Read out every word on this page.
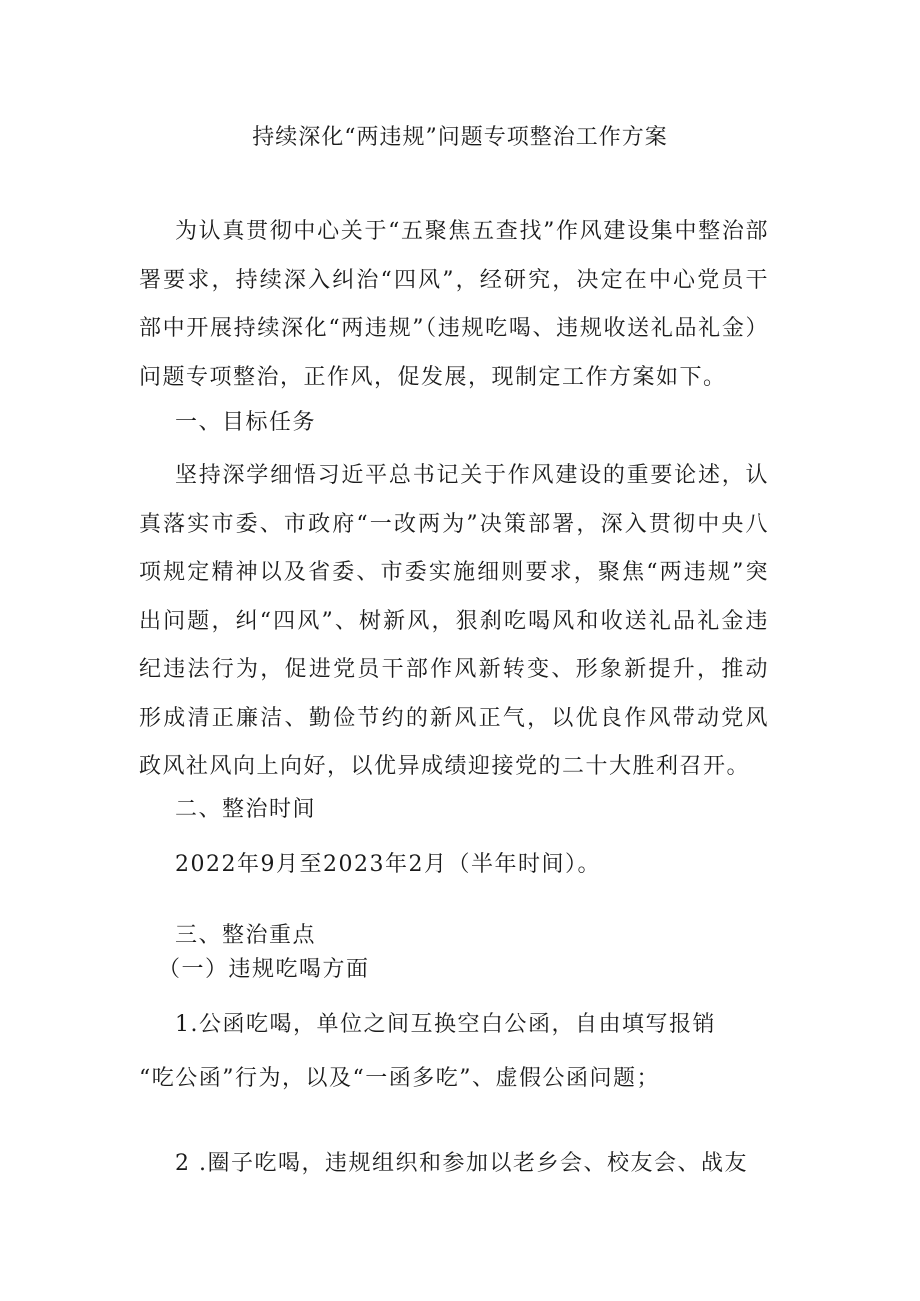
持续深化“两违规”问题专项整治工作方案
为认真贯彻中心关于“五聚焦五查找”作风建设集中整治部署要求，持续深入纠治“四风”，经研究，决定在中心党员干部中开展持续深化“两违规”（违规吃喝、违规收送礼品礼金）问题专项整治，正作风，促发展，现制定工作方案如下。
一、目标任务
坚持深学细悟习近平总书记关于作风建设的重要论述，认真落实市委、市政府“一改两为”决策部署，深入贯彻中央八项规定精神以及省委、市委实施细则要求，聚焦“两违规”突出问题，纠“四风”、树新风，狠刹吃喝风和收送礼品礼金违纪违法行为，促进党员干部作风新转变、形象新提升，推动形成清正廉洁、勤俭节约的新风正气，以优良作风带动党风政风社风向上向好，以优异成绩迎接党的二十大胜利召开。
二、整治时间
2022年9月至2023年2月（半年时间）。
三、整治重点
（一）违规吃喝方面
1.公函吃喝，单位之间互换空白公函，自由填写报销
“吃公函”行为，以及“一函多吃”、虚假公函问题；
2 .圈子吃喝，违规组织和参加以老乡会、校友会、战友
